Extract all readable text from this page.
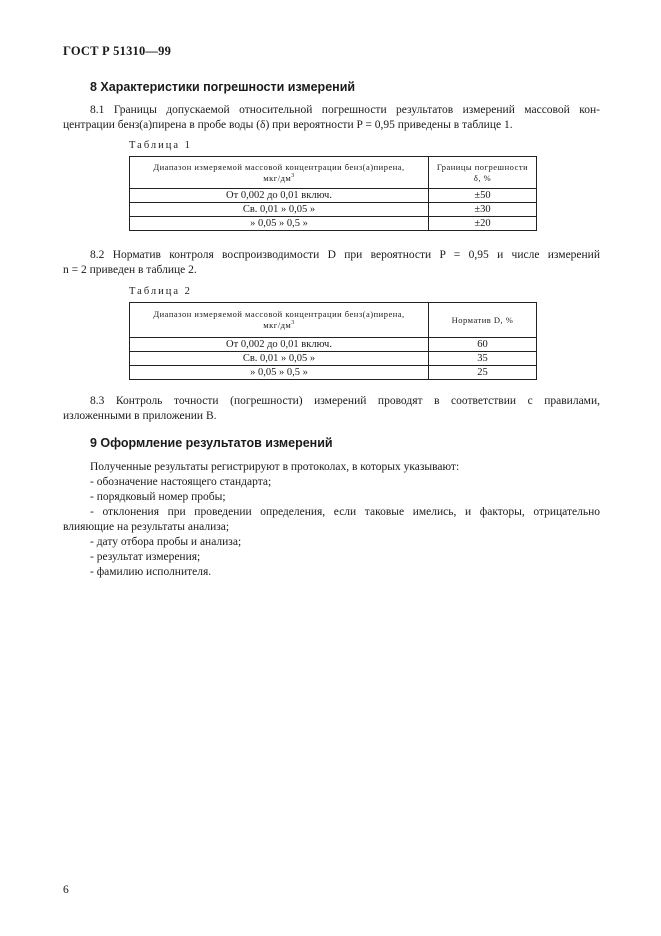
ГОСТ Р 51310—99
8 Характеристики погрешности измерений
8.1 Границы допускаемой относительной погрешности результатов измерений массовой кон-
центрации бенз(а)пирена в пробе воды (δ) при вероятности P = 0,95 приведены в таблице 1.
Таблица 1
Диапазон измеряемой массовой концентрации бенз(а)пирена,
мкг/$дм^3$	Границы погрешности
δ, %
От 0,002 до 0,01 включ.	±50
Св. 0,01 » 0,05 »	±30
» 0,05 » 0,5 »	±20
8.2 Норматив контроля воспроизводимости D при вероятности P = 0,95 и числе измерений
n = 2 приведен в таблице 2.
Таблица 2
Диапазон измеряемой массовой концентрации бенз(а)пирена,
мкг/$дм^3$	Норматив D, %
От 0,002 до 0,01 включ.	60
Св. 0,01 » 0,05 »	35
» 0,05 » 0,5 »	25
8.3 Контроль точности (погрешности) измерений проводят в соответствии с правилами,
изложенными в приложении В.
9 Оформление результатов измерений
Полученные результаты регистрируют в протоколах, в которых указывают:
- обозначение настоящего стандарта;
- порядковый номер пробы;
- отклонения при проведении определения, если таковые имелись, и факторы, отрицательно
влияющие на результаты анализа;
- дату отбора пробы и анализа;
- результат измерения;
- фамилию исполнителя.
6
